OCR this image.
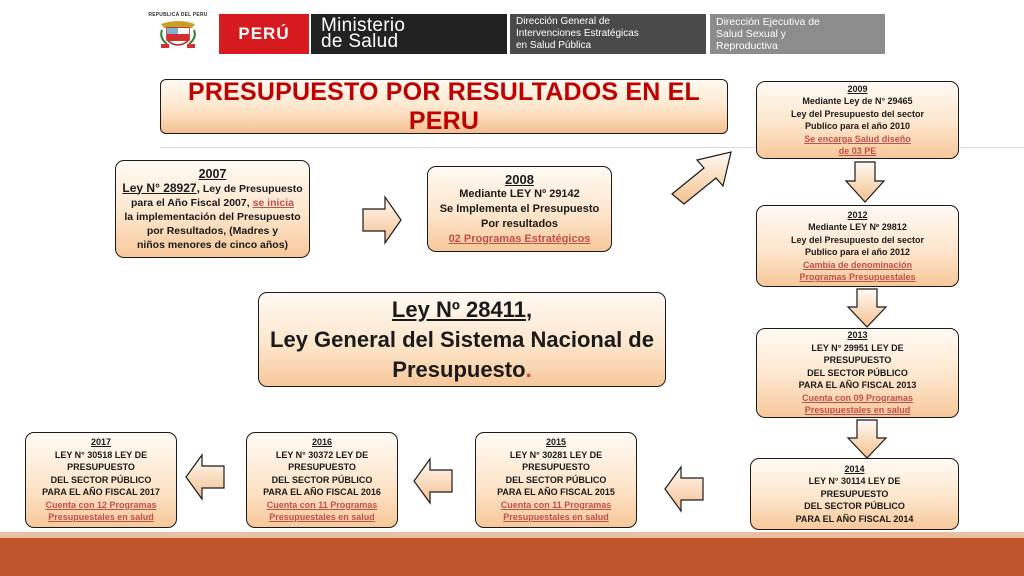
REPUBLICA DEL PERU
PERÚ	Ministerio
de Salud
Dirección General de
Intervenciones Estratégicas
en Salud Pública
Dirección Ejecutiva de
Salud Sexual y
Reproductiva
PRESUPUESTO POR RESULTADOS EN EL PERU
2007
Ley N° 28927, Ley de Presupuesto
para el Año Fiscal 2007, se inicia
la implementación del Presupuesto
por Resultados, (Madres y
niños menores de cinco años)
2008
Mediante LEY Nº 29142
Se Implementa el Presupuesto
Por resultados
02 Programas Estratégicos
Ley Nº 28411,
Ley General del Sistema Nacional de
Presupuesto.
2009
Mediante Ley de N° 29465
Ley del Presupuesto del sector
Publico para el año 2010
Se encarga Salud diseño
de 03 PE
2012
Mediante LEY Nº 29812
Ley del Presupuesto del sector
Publico para el año 2012
Cambia de denominación
Programas Presupuestales
2013
LEY N° 29951 LEY DE
PRESUPUESTO
DEL SECTOR PÚBLICO
PARA EL AÑO FISCAL 2013
Cuenta con 09 Programas
Presupuestales en salud
2014
LEY N° 30114 LEY DE
PRESUPUESTO
DEL SECTOR PÚBLICO
PARA EL AÑO FISCAL 2014
2015
LEY N° 30281 LEY DE
PRESUPUESTO
DEL SECTOR PÚBLICO
PARA EL AÑO FISCAL 2015
Cuenta con 11 Programas
Presupuestales en salud
2016
LEY N° 30372 LEY DE
PRESUPUESTO
DEL SECTOR PÚBLICO
PARA EL AÑO FISCAL 2016
Cuenta con 11 Programas
Presupuestales en salud
2017
LEY N° 30518 LEY DE
PRESUPUESTO
DEL SECTOR PÚBLICO
PARA EL AÑO FISCAL 2017
Cuenta con 12 Programas
Presupuestales en salud
